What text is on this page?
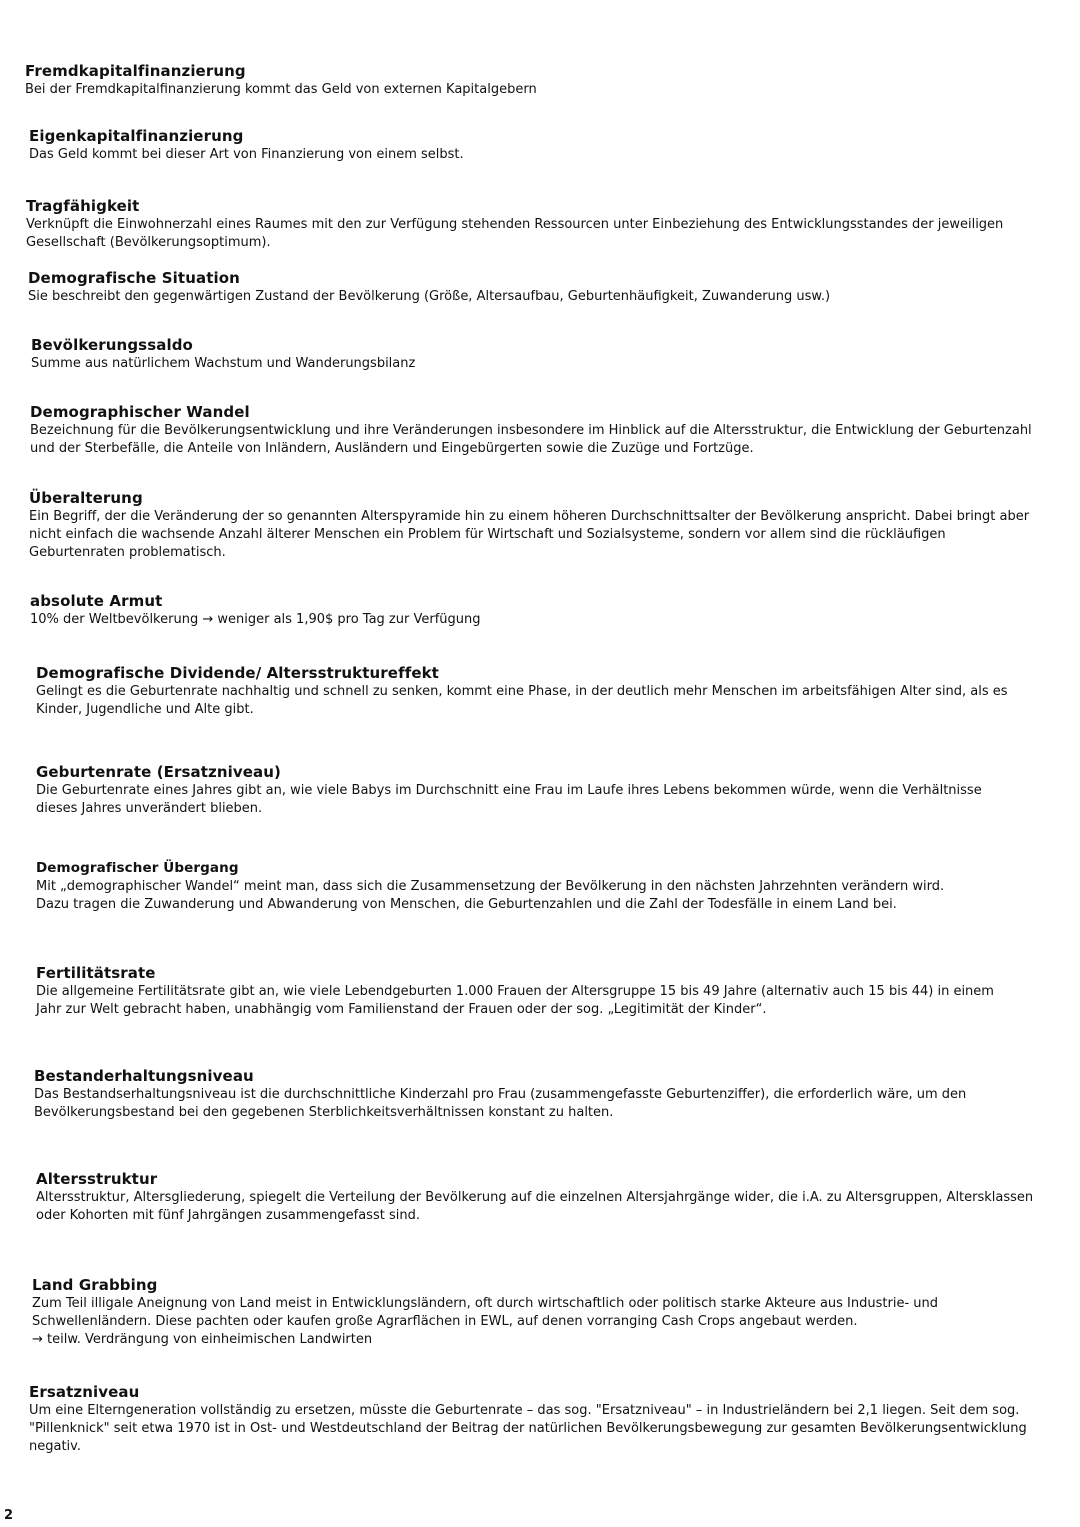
Fremdkapitalfinanzierung

Bei der Fremdkapitalfinanzierung kommt das Geld von externen Kapitalgebern

Eigenkapitalfinanzierung

Das Geld kommt bei dieser Art von Finanzierung von einem selbst.

Tragfähigkeit

Verknüpft die Einwohnerzahl eines Raumes mit den zur Verfügung stehenden Ressourcen unter Einbeziehung des Entwicklungsstandes der jeweiligen
Gesellschaft (Bevölkerungsoptimum).

Demografische Situation

Sie beschreibt den gegenwärtigen Zustand der Bevölkerung (Größe, Altersaufbau, Geburtenhäufigkeit, Zuwanderung usw.)

Bevölkerungssaldo

Summe aus natürlichem Wachstum und Wanderungsbilanz

Demographischer Wandel

Bezeichnung für die Bevölkerungsentwicklung und ihre Veränderungen insbesondere im Hinblick auf die Altersstruktur, die Entwicklung der Geburtenzahl
und der Sterbefälle, die Anteile von Inländern, Ausländern und Eingebürgerten sowie die Zuzüge und Fortzüge.

Überalterung

Ein Begriff, der die Veränderung der so genannten Alterspyramide hin zu einem höheren Durchschnittsalter der Bevölkerung anspricht. Dabei bringt aber
nicht einfach die wachsende Anzahl älterer Menschen ein Problem für Wirtschaft und Sozialsysteme, sondern vor allem sind die rückläufigen
Geburtenraten problematisch.

absolute Armut

10% der Weltbevölkerung → weniger als 1,90$ pro Tag zur Verfügung

Demografische Dividende/ Altersstruktureffekt

Gelingt es die Geburtenrate nachhaltig und schnell zu senken, kommt eine Phase, in der deutlich mehr Menschen im arbeitsfähigen Alter sind, als es
Kinder, Jugendliche und Alte gibt.

Geburtenrate (Ersatzniveau)

Die Geburtenrate eines Jahres gibt an, wie viele Babys im Durchschnitt eine Frau im Laufe ihres Lebens bekommen würde, wenn die Verhältnisse
dieses Jahres unverändert blieben.

Demografischer Übergang

Mit „demographischer Wandel“ meint man, dass sich die Zusammensetzung der Bevölkerung in den nächsten Jahrzehnten verändern wird.
Dazu tragen die Zuwanderung und Abwanderung von Menschen, die Geburtenzahlen und die Zahl der Todesfälle in einem Land bei.

Fertilitätsrate

Die allgemeine Fertilitätsrate gibt an, wie viele Lebendgeburten 1.000 Frauen der Altersgruppe 15 bis 49 Jahre (alternativ auch 15 bis 44) in einem
Jahr zur Welt gebracht haben, unabhängig vom Familienstand der Frauen oder der sog. „Legitimität der Kinder“.

Bestanderhaltungsniveau

Das Bestandserhaltungsniveau ist die durchschnittliche Kinderzahl pro Frau (zusammengefasste Geburtenziffer), die erforderlich wäre, um den
Bevölkerungsbestand bei den gegebenen Sterblichkeitsverhältnissen konstant zu halten.

Altersstruktur

Altersstruktur, Altersgliederung, spiegelt die Verteilung der Bevölkerung auf die einzelnen Altersjahrgänge wider, die i.A. zu Altersgruppen, Altersklassen
oder Kohorten mit fünf Jahrgängen zusammengefasst sind.

Land Grabbing

Zum Teil illigale Aneignung von Land meist in Entwicklungsländern, oft durch wirtschaftlich oder politisch starke Akteure aus Industrie- und
Schwellenländern. Diese pachten oder kaufen große Agrarflächen in EWL, auf denen vorranging Cash Crops angebaut werden.
→ teilw. Verdrängung von einheimischen Landwirten

Ersatzniveau

Um eine Elterngeneration vollständig zu ersetzen, müsste die Geburtenrate – das sog. "Ersatzniveau" – in Industrieländern bei 2,1 liegen. Seit dem sog.
"Pillenknick" seit etwa 1970 ist in Ost- und Westdeutschland der Beitrag der natürlichen Bevölkerungsbewegung zur gesamten Bevölkerungsentwicklung
negativ.

2
